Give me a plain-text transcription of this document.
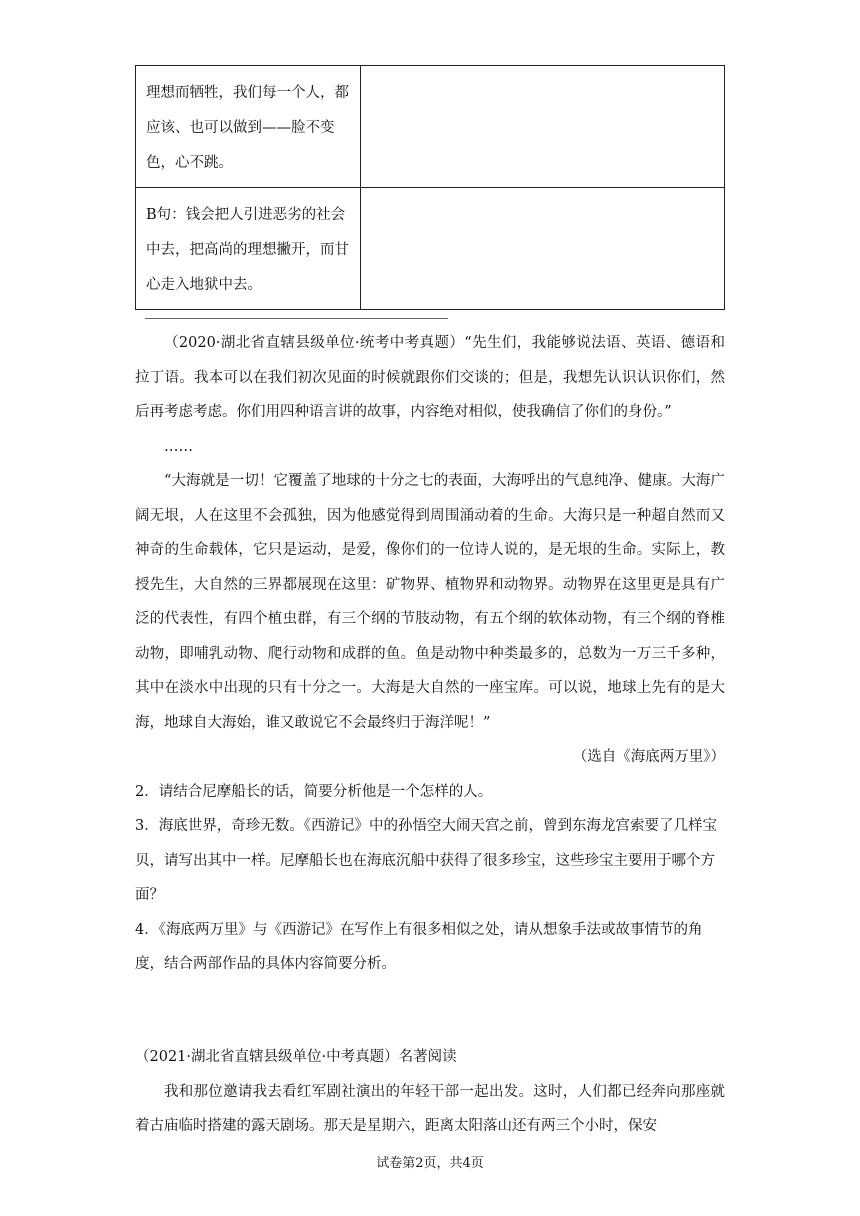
理想而牺牲，我们每一个人，都应该、也可以做到——脸不变色，心不跳。	

B句：钱会把人引进恶劣的社会中去，把高尚的理想撇开，而甘心走入地狱中去。	

（2020·湖北省直辖县级单位·统考中考真题）“先生们，我能够说法语、英语、德语和拉丁语。我本可以在我们初次见面的时候就跟你们交谈的；但是，我想先认识认识你们，然后再考虑考虑。你们用四种语言讲的故事，内容绝对相似，使我确信了你们的身份。”

……

“大海就是一切！它覆盖了地球的十分之七的表面，大海呼出的气息纯净、健康。大海广阔无垠，人在这里不会孤独，因为他感觉得到周围涌动着的生命。大海只是一种超自然而又神奇的生命载体，它只是运动，是爱，像你们的一位诗人说的，是无垠的生命。实际上，教授先生，大自然的三界都展现在这里：矿物界、植物界和动物界。动物界在这里更是具有广泛的代表性，有四个植虫群，有三个纲的节肢动物，有五个纲的软体动物，有三个纲的脊椎动物，即哺乳动物、爬行动物和成群的鱼。鱼是动物中种类最多的，总数为一万三千多种，其中在淡水中出现的只有十分之一。大海是大自然的一座宝库。可以说，地球上先有的是大海，地球自大海始，谁又敢说它不会最终归于海洋呢！”

（选自《海底两万里》）

2．请结合尼摩船长的话，简要分析他是一个怎样的人。

3．海底世界，奇珍无数。《西游记》中的孙悟空大闹天宫之前，曾到东海龙宫索要了几样宝贝，请写出其中一样。尼摩船长也在海底沉船中获得了很多珍宝，这些珍宝主要用于哪个方面？

4．《海底两万里》与《西游记》在写作上有很多相似之处，请从想象手法或故事情节的角度，结合两部作品的具体内容简要分析。

（2021·湖北省直辖县级单位·中考真题）名著阅读

我和那位邀请我去看红军剧社演出的年轻干部一起出发。这时，人们都已经奔向那座就着古庙临时搭建的露天剧场。那天是星期六，距离太阳落山还有两三个小时，保安

试卷第2页，共4页
